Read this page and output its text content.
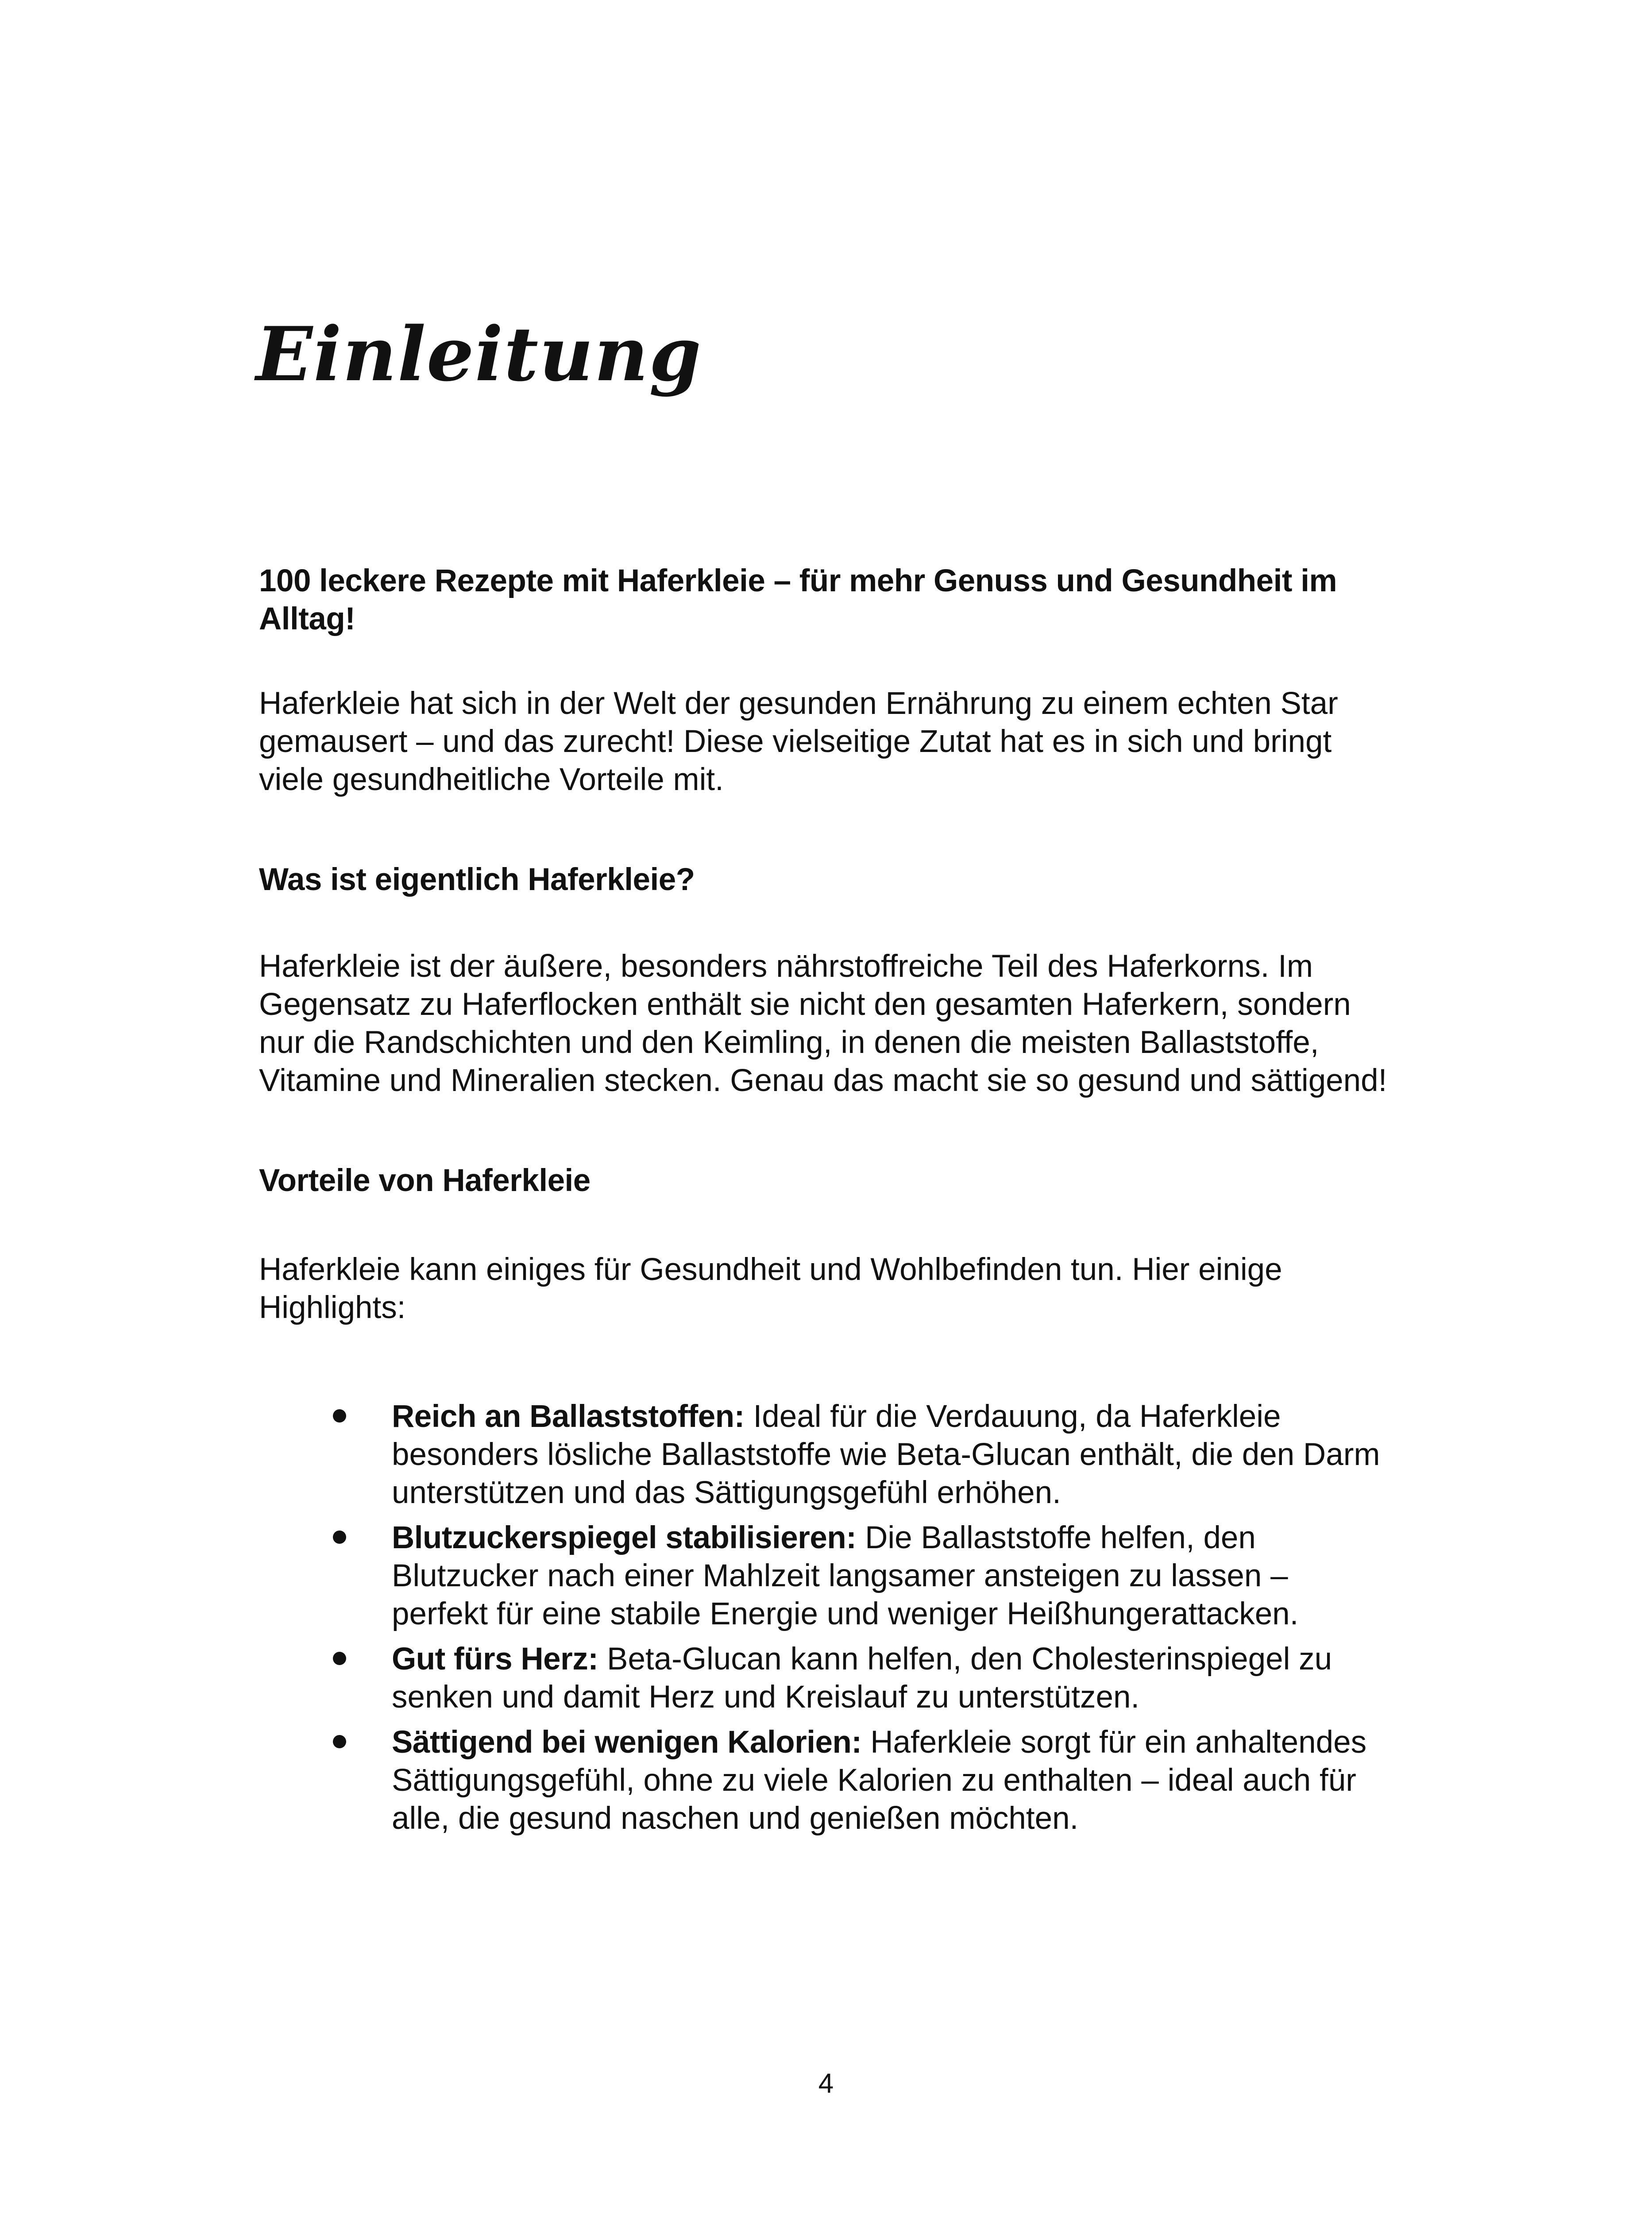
Einleitung

100 leckere Rezepte mit Haferkleie – für mehr Genuss und Gesundheit im Alltag!

Haferkleie hat sich in der Welt der gesunden Ernährung zu einem echten Star gemausert – und das zurecht! Diese vielseitige Zutat hat es in sich und bringt viele gesundheitliche Vorteile mit.

Was ist eigentlich Haferkleie?

Haferkleie ist der äußere, besonders nährstoffreiche Teil des Haferkorns. Im Gegensatz zu Haferflocken enthält sie nicht den gesamten Haferkern, sondern nur die Randschichten und den Keimling, in denen die meisten Ballaststoffe, Vitamine und Mineralien stecken. Genau das macht sie so gesund und sättigend!

Vorteile von Haferkleie

Haferkleie kann einiges für Gesundheit und Wohlbefinden tun. Hier einige Highlights:

Reich an Ballaststoffen: Ideal für die Verdauung, da Haferkleie besonders lösliche Ballaststoffe wie Beta-Glucan enthält, die den Darm unterstützen und das Sättigungsgefühl erhöhen.
Blutzuckerspiegel stabilisieren: Die Ballaststoffe helfen, den Blutzucker nach einer Mahlzeit langsamer ansteigen zu lassen – perfekt für eine stabile Energie und weniger Heißhungerattacken.
Gut fürs Herz: Beta-Glucan kann helfen, den Cholesterinspiegel zu senken und damit Herz und Kreislauf zu unterstützen.
Sättigend bei wenigen Kalorien: Haferkleie sorgt für ein anhaltendes Sättigungsgefühl, ohne zu viele Kalorien zu enthalten – ideal auch für alle, die gesund naschen und genießen möchten.
4
